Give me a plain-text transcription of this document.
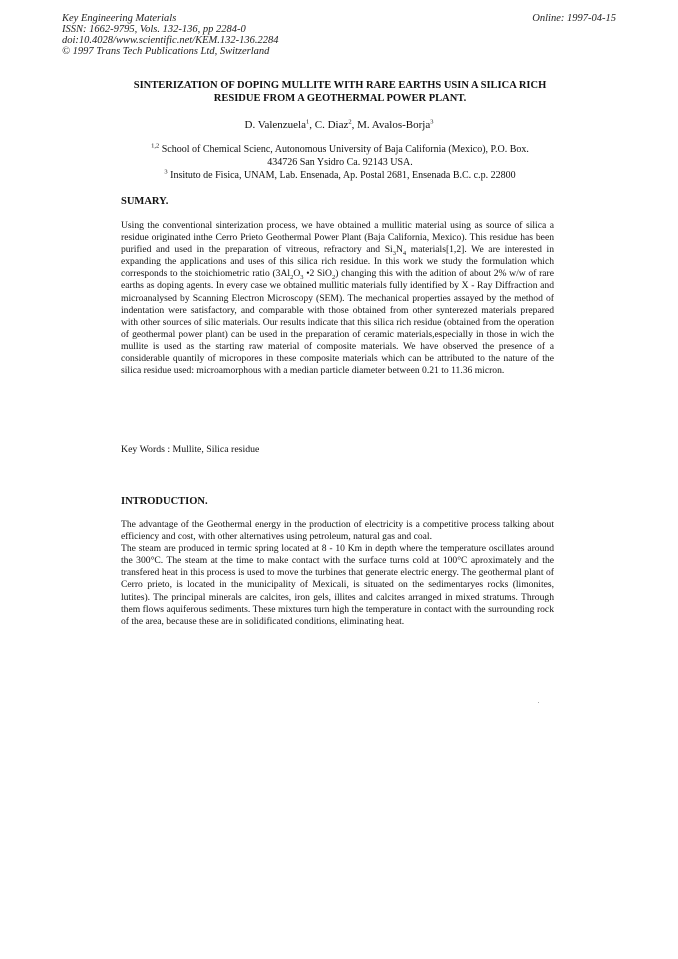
Key Engineering Materials
ISSN: 1662-9795, Vols. 132-136, pp 2284-0
doi:10.4028/www.scientific.net/KEM.132-136.2284
© 1997 Trans Tech Publications Ltd, Switzerland
Online: 1997-04-15
SINTERIZATION OF DOPING MULLITE WITH RARE EARTHS USIN A SILICA RICH RESIDUE FROM A GEOTHERMAL POWER PLANT.
D. Valenzuela$^1$, C. Diaz$^2$, M. Avalos-Borja$^3$
$^{1,2}$ School of Chemical Scienc, Autonomous University of Baja California (Mexico), P.O. Box.
434726 San Ysidro Ca. 92143 USA.
$^3$ Insituto de Fisica, UNAM, Lab. Ensenada, Ap. Postal 2681, Ensenada B.C. c.p. 22800
SUMARY.
Using the conventional sinterization process, we have obtained a mullitic material using as source of silica a residue originated inthe Cerro Prieto Geothermal Power Plant (Baja California, Mexico). This residue has been purified and used in the preparation of vitreous, refractory and $Si_3N_4$ materials[1,2]. We are interested in expanding the applications and uses of this silica rich residue. In this work we study the formulation which corresponds to the stoichiometric ratio ($3Al_2O_3$ •2 SiO$_2$) changing this with the adition of about 2% w/w of rare earths as doping agents. In every case we obtained mullitic materials fully identified by X - Ray Diffraction and microanalysed by Scanning Electron Microscopy (SEM). The mechanical properties assayed by the method of indentation were satisfactory, and comparable with those obtained from other synterezed materials prepared with other sources of silic materials. Our results indicate that this silica rich residue (obtained from the operation of geothermal power plant) can be used in the preparation of ceramic materials,especially in those in wich the mullite is used as the starting raw material of composite materials. We have observed the presence of a considerable quantily of micropores in these composite materials which can be attributed to the nature of the silica residue used: microamorphous with a median particle diameter between 0.21 to 11.36 micron.
Key Words : Mullite, Silica residue
INTRODUCTION.
The advantage of the Geothermal energy in the production of electricity is a competitive process talking about efficiency and cost, with other alternatives using petroleum, natural gas and coal.
The steam are produced in termic spring located at 8 - 10 Km in depth where the temperature oscillates around the 300°C. The steam at the time to make contact with the surface turns cold at 100°C aproximately and the transfered heat in this process is used to move the turbines that generate electric energy. The geothermal plant of Cerro prieto, is located in the municipality of Mexicali, is situated on the sedimentaryes rocks (limonites, lutites). The principal minerals are calcites, iron gels, illites and calcites arranged in mixed stratums. Through them flows aquiferous sediments. These mixtures turn high the temperature in contact with the surrounding rock of the area, because these are in solidificated conditions, eliminating heat.
